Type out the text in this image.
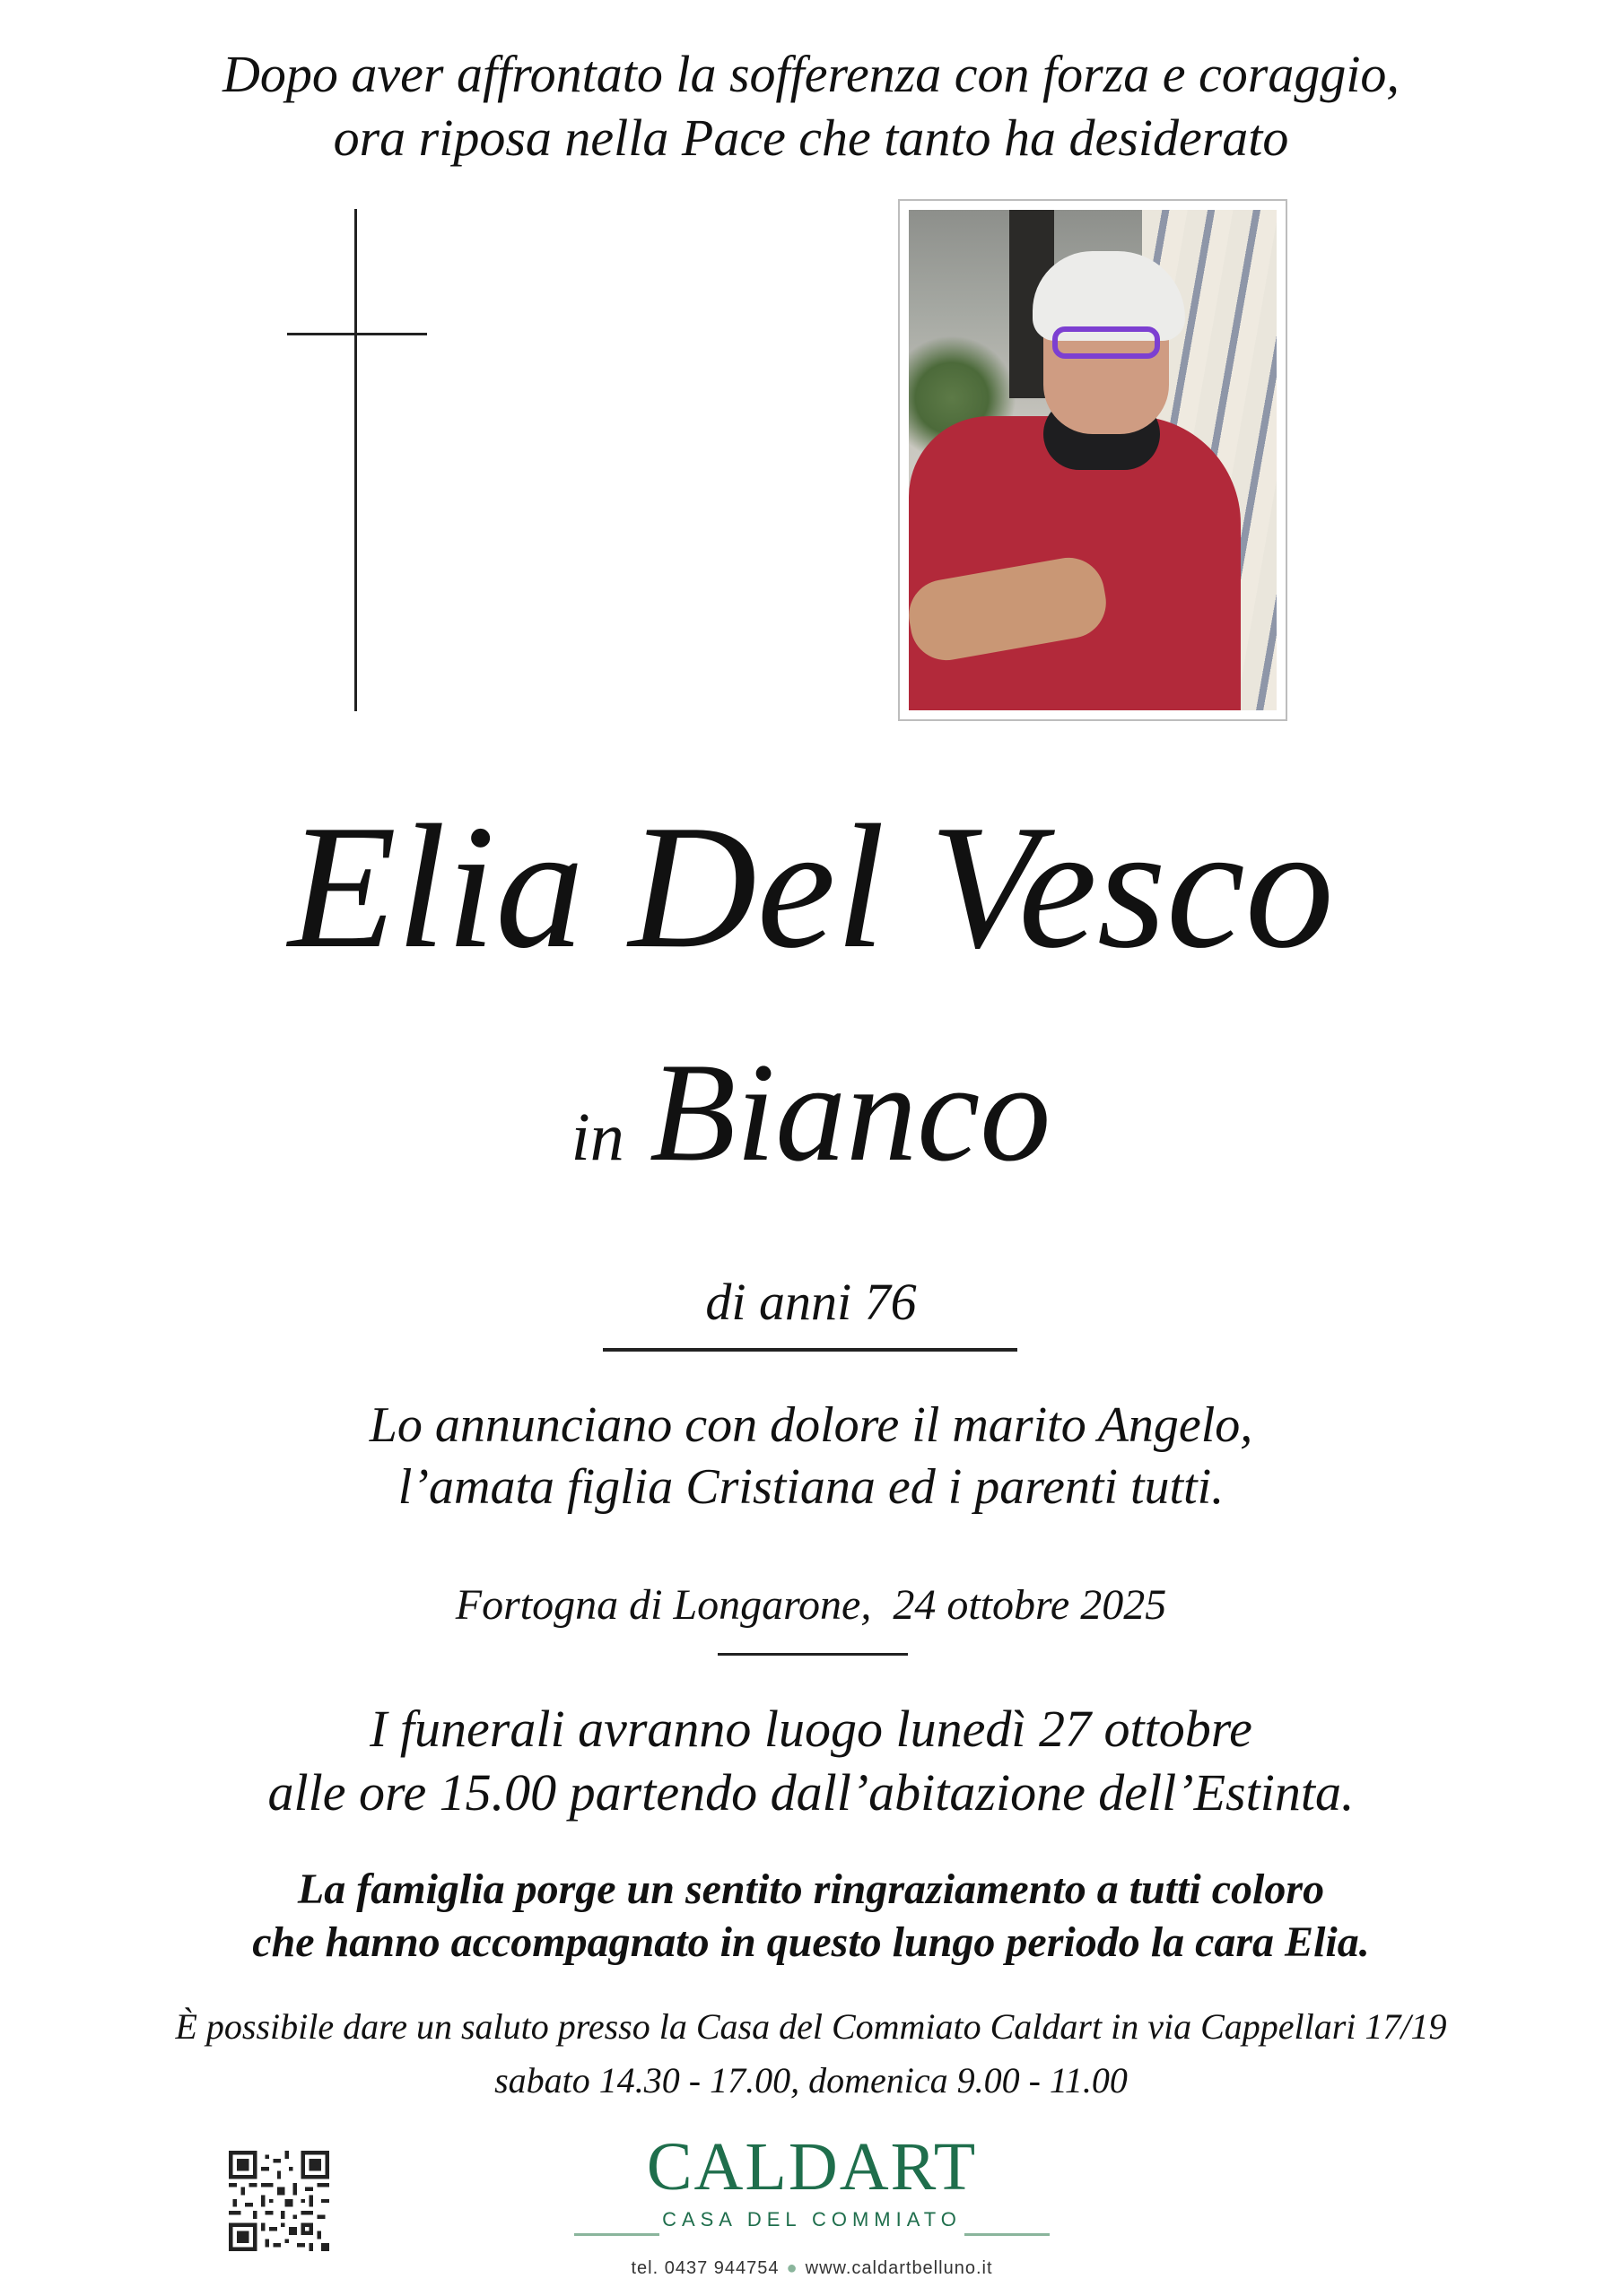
Dopo aver affrontato la sofferenza con forza e coraggio,
ora riposa nella Pace che tanto ha desiderato
Elia Del Vesco
in Bianco
di anni 76
Lo annunciano con dolore il marito Angelo,
l’amata figlia Cristiana ed i parenti tutti.
Fortogna di Longarone,  24 ottobre 2025
I funerali avranno luogo lunedì 27 ottobre
alle ore 15.00 partendo dall’abitazione dell’Estinta.
La famiglia porge un sentito ringraziamento a tutti coloro
che hanno accompagnato in questo lungo periodo la cara Elia.
È possibile dare un saluto presso la Casa del Commiato Caldart in via Cappellari 17/19
sabato 14.30 - 17.00, domenica 9.00 - 11.00
CALDART
CASA DEL COMMIATO
tel. 0437 944754 ● www.caldartbelluno.it
